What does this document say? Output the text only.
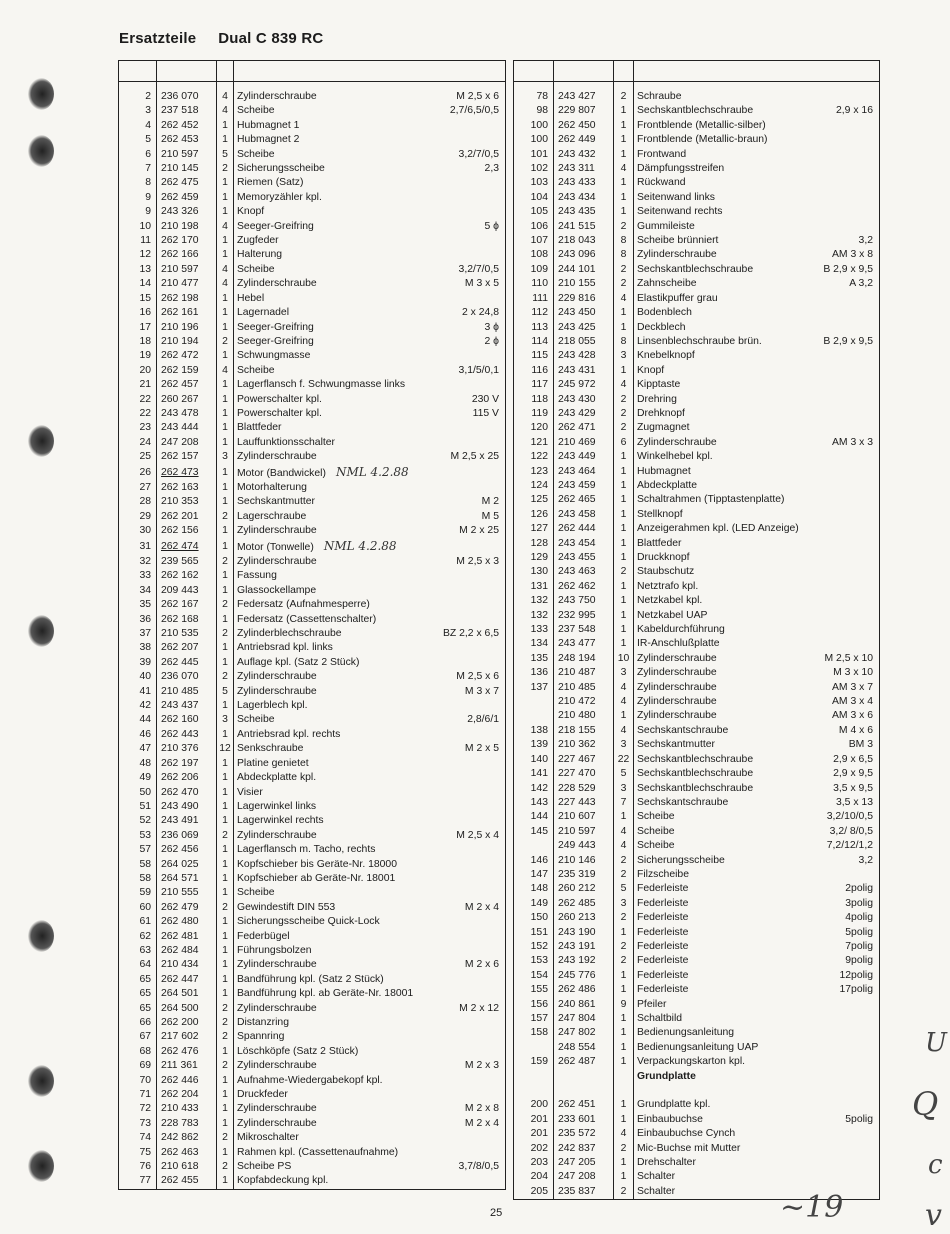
Ersatzteile Dual C 839 RC

2	236 070	4	Zylinderschraube M 2,5 x 6

3	237 518	4	Scheibe 2,7/6,5/0,5

4	262 452	1	Hubmagnet 1

5	262 453	1	Hubmagnet 2

6	210 597	5	Scheibe 3,2/7/0,5

7	210 145	2	Sicherungsscheibe 2,3

8	262 475	1	Riemen (Satz)

9	262 459	1	Memoryzähler kpl.

9	243 326	1	Knopf

10	210 198	4	Seeger-Greifring 5 ϕ

11	262 170	1	Zugfeder

12	262 166	1	Halterung

13	210 597	4	Scheibe 3,2/7/0,5

14	210 477	4	Zylinderschraube M 3 x 5

15	262 198	1	Hebel

16	262 161	1	Lagernadel 2 x 24,8

17	210 196	1	Seeger-Greifring 3 ϕ

18	210 194	2	Seeger-Greifring 2 ϕ

19	262 472	1	Schwungmasse

20	262 159	4	Scheibe 3,1/5/0,1

21	262 457	1	Lagerflansch f. Schwungmasse links

22	260 267	1	Powerschalter kpl. 230 V

22	243 478	1	Powerschalter kpl. 115 V

23	243 444	1	Blattfeder

24	247 208	1	Lauffunktionsschalter

25	262 157	3	Zylinderschraube M 2,5 x 25

26	262 473	1	Motor (Bandwickel) NML 4.2.88

27	262 163	1	Motorhalterung

28	210 353	1	Sechskantmutter M 2

29	262 201	2	Lagerschraube M 5

30	262 156	1	Zylinderschraube M 2 x 25

31	262 474	1	Motor (Tonwelle) NML 4.2.88

32	239 565	2	Zylinderschraube M 2,5 x 3

33	262 162	1	Fassung

34	209 443	1	Glassockellampe

35	262 167	2	Federsatz (Aufnahmesperre)

36	262 168	1	Federsatz (Cassettenschalter)

37	210 535	2	Zylinderblechschraube BZ 2,2 x 6,5

38	262 207	1	Antriebsrad kpl. links

39	262 445	1	Auflage kpl. (Satz 2 Stück)

40	236 070	2	Zylinderschraube M 2,5 x 6

41	210 485	5	Zylinderschraube M 3 x 7

42	243 437	1	Lagerblech kpl.

44	262 160	3	Scheibe 2,8/6/1

46	262 443	1	Antriebsrad kpl. rechts

47	210 376	12	Senkschraube M 2 x 5

48	262 197	1	Platine genietet

49	262 206	1	Abdeckplatte kpl.

50	262 470	1	Visier

51	243 490	1	Lagerwinkel links

52	243 491	1	Lagerwinkel rechts

53	236 069	2	Zylinderschraube M 2,5 x 4

57	262 456	1	Lagerflansch m. Tacho, rechts

58	264 025	1	Kopfschieber bis Geräte-Nr. 18000

58	264 571	1	Kopfschieber ab Geräte-Nr. 18001

59	210 555	1	Scheibe

60	262 479	2	Gewindestift DIN 553 M 2 x 4

61	262 480	1	Sicherungsscheibe Quick-Lock

62	262 481	1	Federbügel

63	262 484	1	Führungsbolzen

64	210 434	1	Zylinderschraube M 2 x 6

65	262 447	1	Bandführung kpl. (Satz 2 Stück)

65	264 501	1	Bandführung kpl. ab Geräte-Nr. 18001

65	264 500	2	Zylinderschraube M 2 x 12

66	262 200	2	Distanzring

67	217 602	2	Spannring

68	262 476	1	Löschköpfe (Satz 2 Stück)

69	211 361	2	Zylinderschraube M 2 x 3

70	262 446	1	Aufnahme-Wiedergabekopf kpl.

71	262 204	1	Druckfeder

72	210 433	1	Zylinderschraube M 2 x 8

73	228 783	1	Zylinderschraube M 2 x 4

74	242 862	2	Mikroschalter

75	262 463	1	Rahmen kpl. (Cassettenaufnahme)

76	210 618	2	Scheibe PS 3,7/8/0,5

77	262 455	1	Kopfabdeckung kpl.

78	243 427	2	Schraube

98	229 807	1	Sechskantblechschraube 2,9 x 16

100	262 450	1	Frontblende (Metallic-silber)

100	262 449	1	Frontblende (Metallic-braun)

101	243 432	1	Frontwand

102	243 311	4	Dämpfungsstreifen

103	243 433	1	Rückwand

104	243 434	1	Seitenwand links

105	243 435	1	Seitenwand rechts

106	241 515	2	Gummileiste

107	218 043	8	Scheibe brünniert 3,2

108	243 096	8	Zylinderschraube AM 3 x 8

109	244 101	2	Sechskantblechschraube B 2,9 x 9,5

110	210 155	2	Zahnscheibe A 3,2

111	229 816	4	Elastikpuffer grau

112	243 450	1	Bodenblech

113	243 425	1	Deckblech

114	218 055	8	Linsenblechschraube brün. B 2,9 x 9,5

115	243 428	3	Knebelknopf

116	243 431	1	Knopf

117	245 972	4	Kipptaste

118	243 430	2	Drehring

119	243 429	2	Drehknopf

120	262 471	2	Zugmagnet

121	210 469	6	Zylinderschraube AM 3 x 3

122	243 449	1	Winkelhebel kpl.

123	243 464	1	Hubmagnet

124	243 459	1	Abdeckplatte

125	262 465	1	Schaltrahmen (Tipptastenplatte)

126	243 458	1	Stellknopf

127	262 444	1	Anzeigerahmen kpl. (LED Anzeige)

128	243 454	1	Blattfeder

129	243 455	1	Druckknopf

130	243 463	2	Staubschutz

131	262 462	1	Netztrafo kpl.

132	243 750	1	Netzkabel kpl.

132	232 995	1	Netzkabel UAP

133	237 548	1	Kabeldurchführung

134	243 477	1	IR-Anschlußplatte

135	248 194	10	Zylinderschraube M 2,5 x 10

136	210 487	3	Zylinderschraube M 3 x 10

137	210 485	4	Zylinderschraube AM 3 x 7

	210 472	4	Zylinderschraube AM 3 x 4

	210 480	1	Zylinderschraube AM 3 x 6

138	218 155	4	Sechskantschraube M 4 x 6

139	210 362	3	Sechskantmutter BM 3

140	227 467	22	Sechskantblechschraube 2,9 x 6,5

141	227 470	5	Sechskantblechschraube 2,9 x 9,5

142	228 529	3	Sechskantblechschraube 3,5 x 9,5

143	227 443	7	Sechskantschraube 3,5 x 13

144	210 607	1	Scheibe 3,2/10/0,5

145	210 597	4	Scheibe 3,2/ 8/0,5

	249 443	4	Scheibe 7,2/12/1,2

146	210 146	2	Sicherungsscheibe 3,2

147	235 319	2	Filzscheibe

148	260 212	5	Federleiste 2polig

149	262 485	3	Federleiste 3polig

150	260 213	2	Federleiste 4polig

151	243 190	1	Federleiste 5polig

152	243 191	2	Federleiste 7polig

153	243 192	2	Federleiste 9polig

154	245 776	1	Federleiste 12polig

155	262 486	1	Federleiste 17polig

156	240 861	9	Pfeiler

157	247 804	1	Schaltbild

158	247 802	1	Bedienungsanleitung

	248 554	1	Bedienungsanleitung UAP

159	262 487	1	Verpackungskarton kpl.

			Grundplatte

200	262 451	1	Grundplatte kpl.

201	233 601	1	Einbaubuchse 5polig

201	235 572	4	Einbaubuchse Cynch

202	242 837	2	Mic-Buchse mit Mutter

203	247 205	1	Drehschalter

204	247 208	1	Schalter

205	235 837	2	Schalter
25	~19
U
Q
c
v
